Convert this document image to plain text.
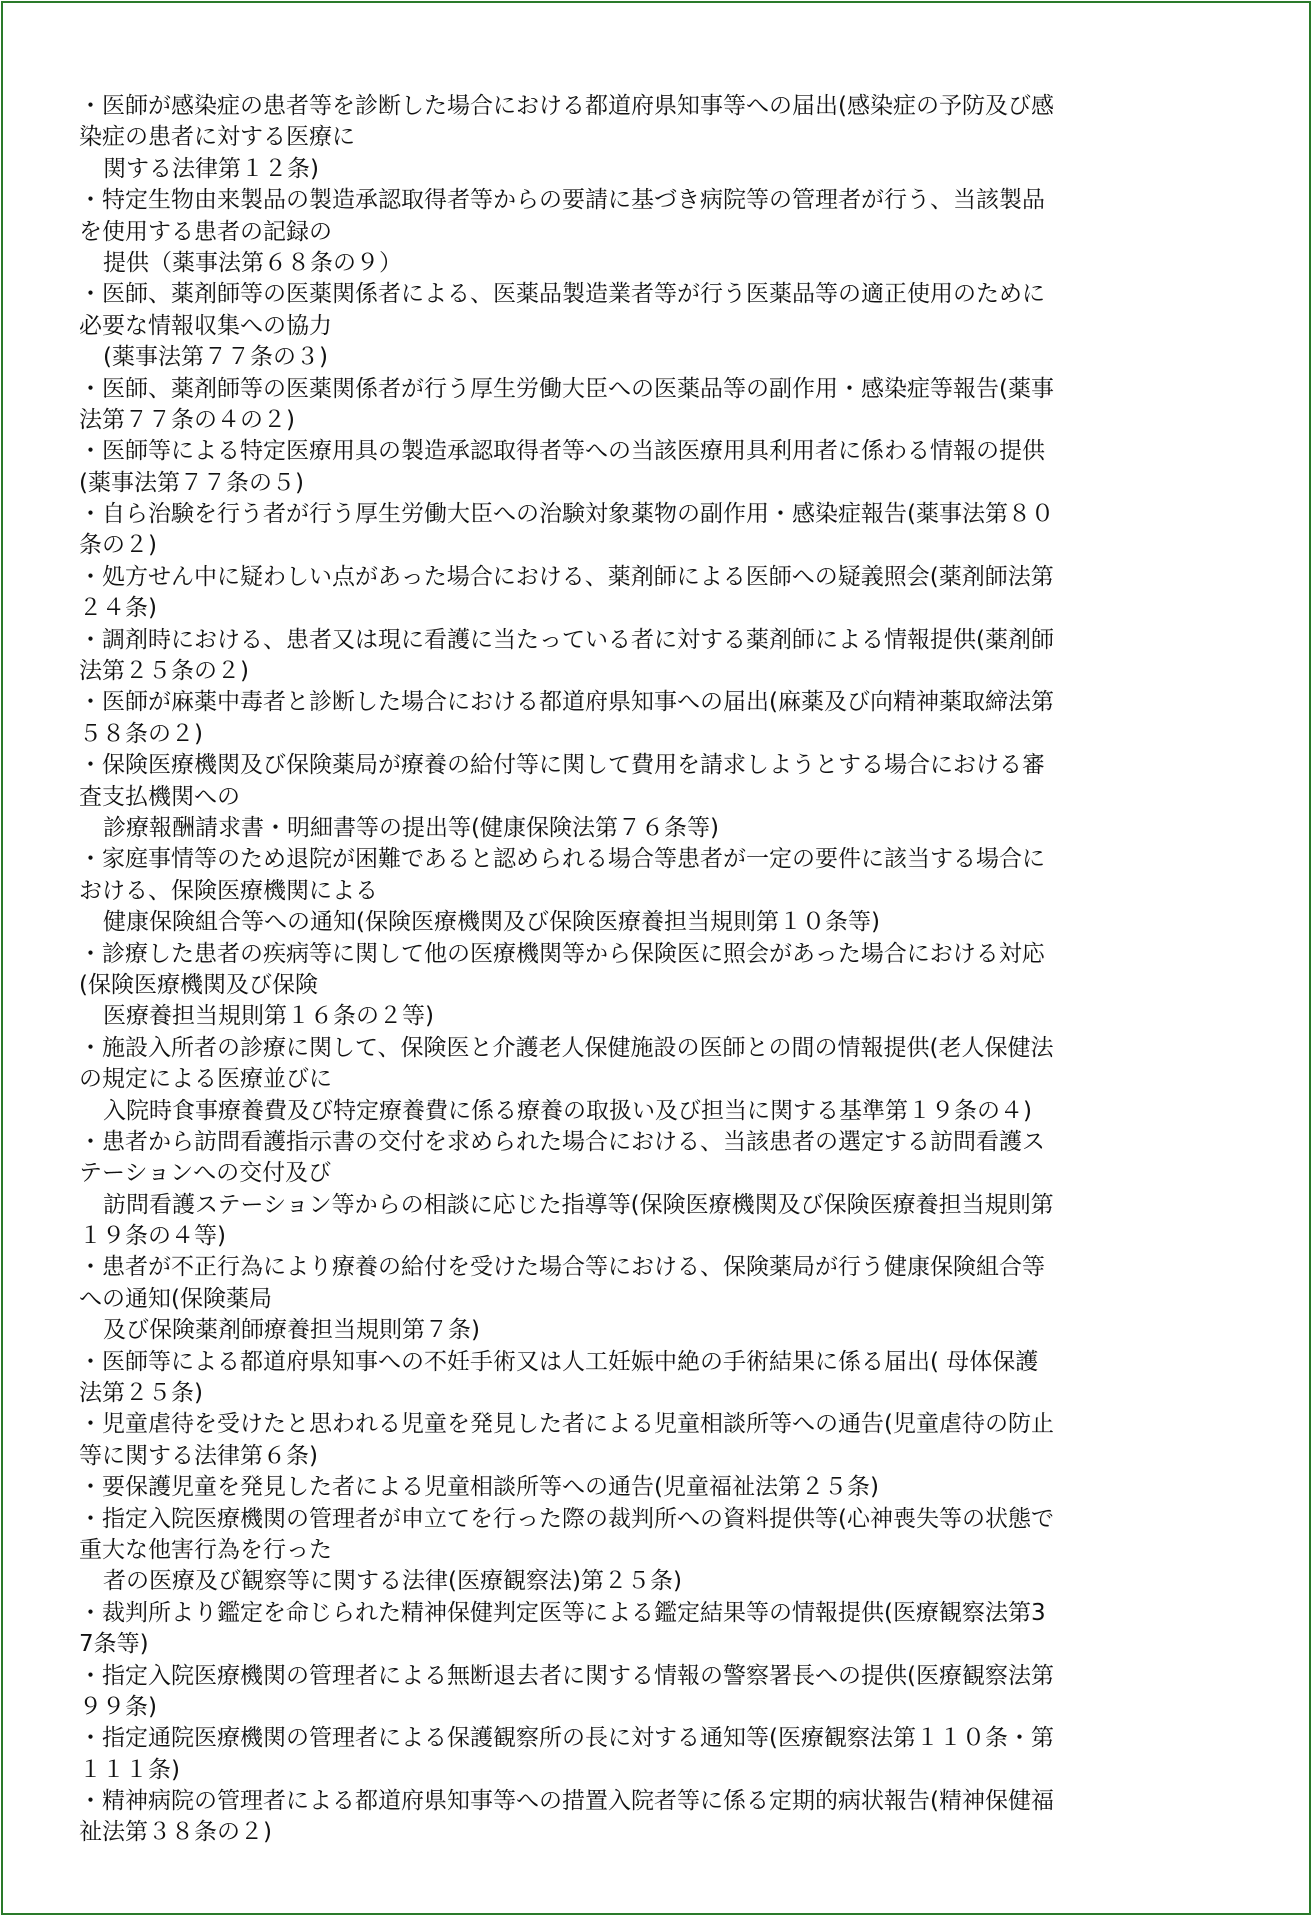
・医師が感染症の患者等を診断した場合における都道府県知事等への届出(感染症の予防及び感
染症の患者に対する医療に
関する法律第１２条)
・特定生物由来製品の製造承認取得者等からの要請に基づき病院等の管理者が行う、当該製品
を使用する患者の記録の
提供（薬事法第６８条の９）
・医師、薬剤師等の医薬関係者による、医薬品製造業者等が行う医薬品等の適正使用のために
必要な情報収集への協力
(薬事法第７７条の３)
・医師、薬剤師等の医薬関係者が行う厚生労働大臣への医薬品等の副作用・感染症等報告(薬事
法第７７条の４の２)
・医師等による特定医療用具の製造承認取得者等への当該医療用具利用者に係わる情報の提供
(薬事法第７７条の５)
・自ら治験を行う者が行う厚生労働大臣への治験対象薬物の副作用・感染症報告(薬事法第８０
条の２)
・処方せん中に疑わしい点があった場合における、薬剤師による医師への疑義照会(薬剤師法第
２４条)
・調剤時における、患者又は現に看護に当たっている者に対する薬剤師による情報提供(薬剤師
法第２５条の２)
・医師が麻薬中毒者と診断した場合における都道府県知事への届出(麻薬及び向精神薬取締法第
５８条の２)
・保険医療機関及び保険薬局が療養の給付等に関して費用を請求しようとする場合における審
査支払機関への
診療報酬請求書・明細書等の提出等(健康保険法第７６条等)
・家庭事情等のため退院が困難であると認められる場合等患者が一定の要件に該当する場合に
おける、保険医療機関による
健康保険組合等への通知(保険医療機関及び保険医療養担当規則第１０条等)
・診療した患者の疾病等に関して他の医療機関等から保険医に照会があった場合における対応
(保険医療機関及び保険
医療養担当規則第１６条の２等)
・施設入所者の診療に関して、保険医と介護老人保健施設の医師との間の情報提供(老人保健法
の規定による医療並びに
入院時食事療養費及び特定療養費に係る療養の取扱い及び担当に関する基準第１９条の４)
・患者から訪問看護指示書の交付を求められた場合における、当該患者の選定する訪問看護ス
テーションへの交付及び
訪問看護ステーション等からの相談に応じた指導等(保険医療機関及び保険医療養担当規則第
１９条の４等)
・患者が不正行為により療養の給付を受けた場合等における、保険薬局が行う健康保険組合等
への通知(保険薬局
及び保険薬剤師療養担当規則第７条)
・医師等による都道府県知事への不妊手術又は人工妊娠中絶の手術結果に係る届出( 母体保護
法第２５条)
・児童虐待を受けたと思われる児童を発見した者による児童相談所等への通告(児童虐待の防止
等に関する法律第６条)
・要保護児童を発見した者による児童相談所等への通告(児童福祉法第２５条)
・指定入院医療機関の管理者が申立てを行った際の裁判所への資料提供等(心神喪失等の状態で
重大な他害行為を行った
者の医療及び観察等に関する法律(医療観察法)第２５条)
・裁判所より鑑定を命じられた精神保健判定医等による鑑定結果等の情報提供(医療観察法第3
7条等)
・指定入院医療機関の管理者による無断退去者に関する情報の警察署長への提供(医療観察法第
９９条)
・指定通院医療機関の管理者による保護観察所の長に対する通知等(医療観察法第１１０条・第
１１１条)
・精神病院の管理者による都道府県知事等への措置入院者等に係る定期的病状報告(精神保健福
祉法第３８条の２)
